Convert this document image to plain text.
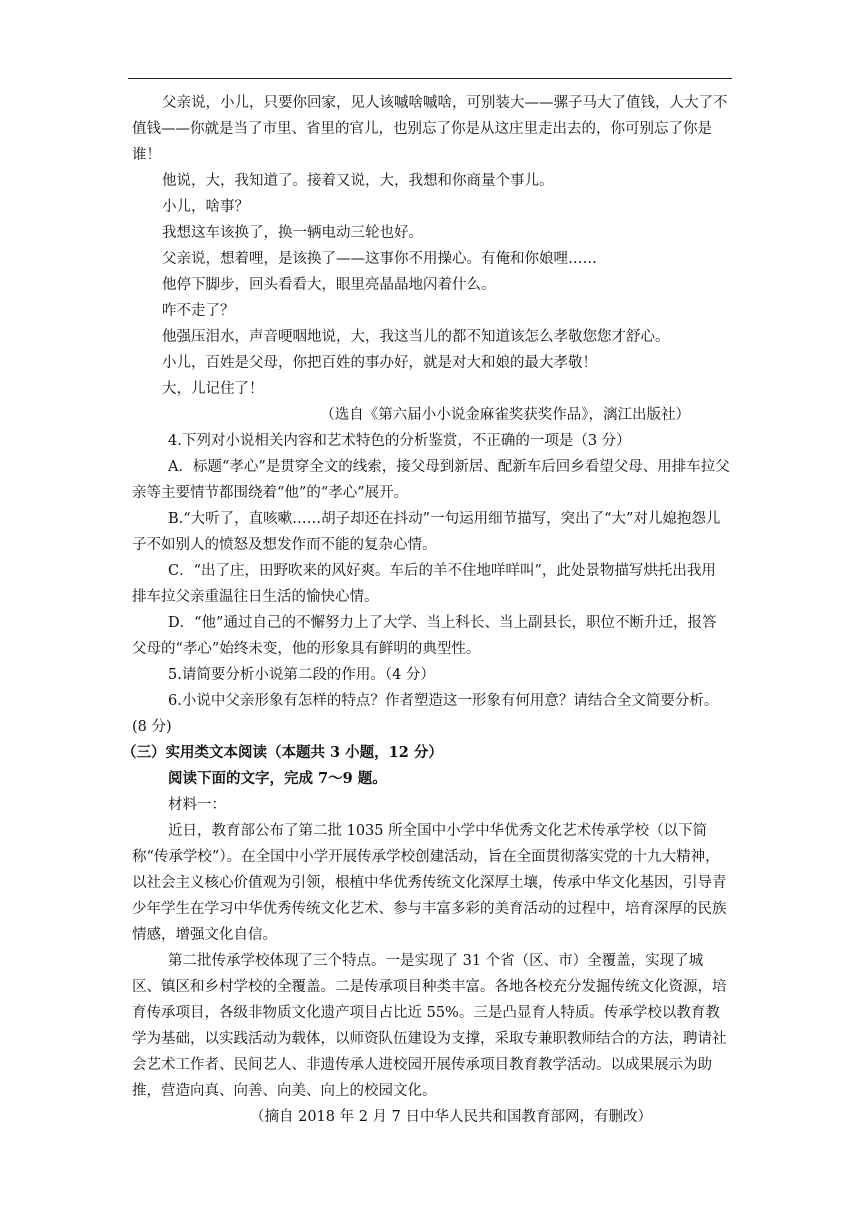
父亲说，小儿，只要你回家，见人该嘁啥嘁啥，可别装大——骡子马大了值钱，人大了不值钱——你就是当了市里、省里的官儿，也别忘了你是从这庄里走出去的，你可别忘了你是谁！

他说，大，我知道了。接着又说，大，我想和你商量个事儿。

小儿，啥事？

我想这车该换了，换一辆电动三轮也好。

父亲说，想着哩，是该换了——这事你不用操心。有俺和你娘哩……

他停下脚步，回头看看大，眼里亮晶晶地闪着什么。

咋不走了？

他强压泪水，声音哽咽地说，大，我这当儿的都不知道该怎么孝敬您您才舒心。

小儿，百姓是父母，你把百姓的事办好，就是对大和娘的最大孝敬！

大，儿记住了！

（选自《第六届小小说金麻雀奖获奖作品》，漓江出版社）

4.下列对小说相关内容和艺术特色的分析鉴赏，不正确的一项是（3 分）

A．标题“孝心”是贯穿全文的线索，接父母到新居、配新车后回乡看望父母、用排车拉父亲等主要情节都围绕着“他”的“孝心”展开。

B.“大听了，直咳嗽……胡子却还在抖动”一句运用细节描写，突出了“大”对儿媳抱怨儿子不如别人的愤怒及想发作而不能的复杂心情。

C．“出了庄，田野吹来的风好爽。车后的羊不住地咩咩叫”，此处景物描写烘托出我用排车拉父亲重温往日生活的愉快心情。

D．“他”通过自己的不懈努力上了大学、当上科长、当上副县长，职位不断升迁，报答父母的“孝心”始终未变，他的形象具有鲜明的典型性。

5.请简要分析小说第二段的作用。（4 分）

6.小说中父亲形象有怎样的特点？作者塑造这一形象有何用意？请结合全文简要分析。(8 分)

（三）实用类文本阅读（本题共 3 小题，12 分）

阅读下面的文字，完成 7～9 题。

材料一：

近日，教育部公布了第二批 1035 所全国中小学中华优秀文化艺术传承学校（以下简称“传承学校”）。在全国中小学开展传承学校创建活动，旨在全面贯彻落实党的十九大精神，以社会主义核心价值观为引领，根植中华优秀传统文化深厚土壤，传承中华文化基因，引导青少年学生在学习中华优秀传统文化艺术、参与丰富多彩的美育活动的过程中，培育深厚的民族情感，增强文化自信。

第二批传承学校体现了三个特点。一是实现了 31 个省（区、市）全覆盖，实现了城区、镇区和乡村学校的全覆盖。二是传承项目种类丰富。各地各校充分发掘传统文化资源，培育传承项目，各级非物质文化遗产项目占比近 55%。三是凸显育人特质。传承学校以教育教学为基础，以实践活动为载体，以师资队伍建设为支撑，采取专兼职教师结合的方法，聘请社会艺术工作者、民间艺人、非遗传承人进校园开展传承项目教育教学活动。以成果展示为助推，营造向真、向善、向美、向上的校园文化。

（摘自 2018 年 2 月 7 日中华人民共和国教育部网，有删改）
